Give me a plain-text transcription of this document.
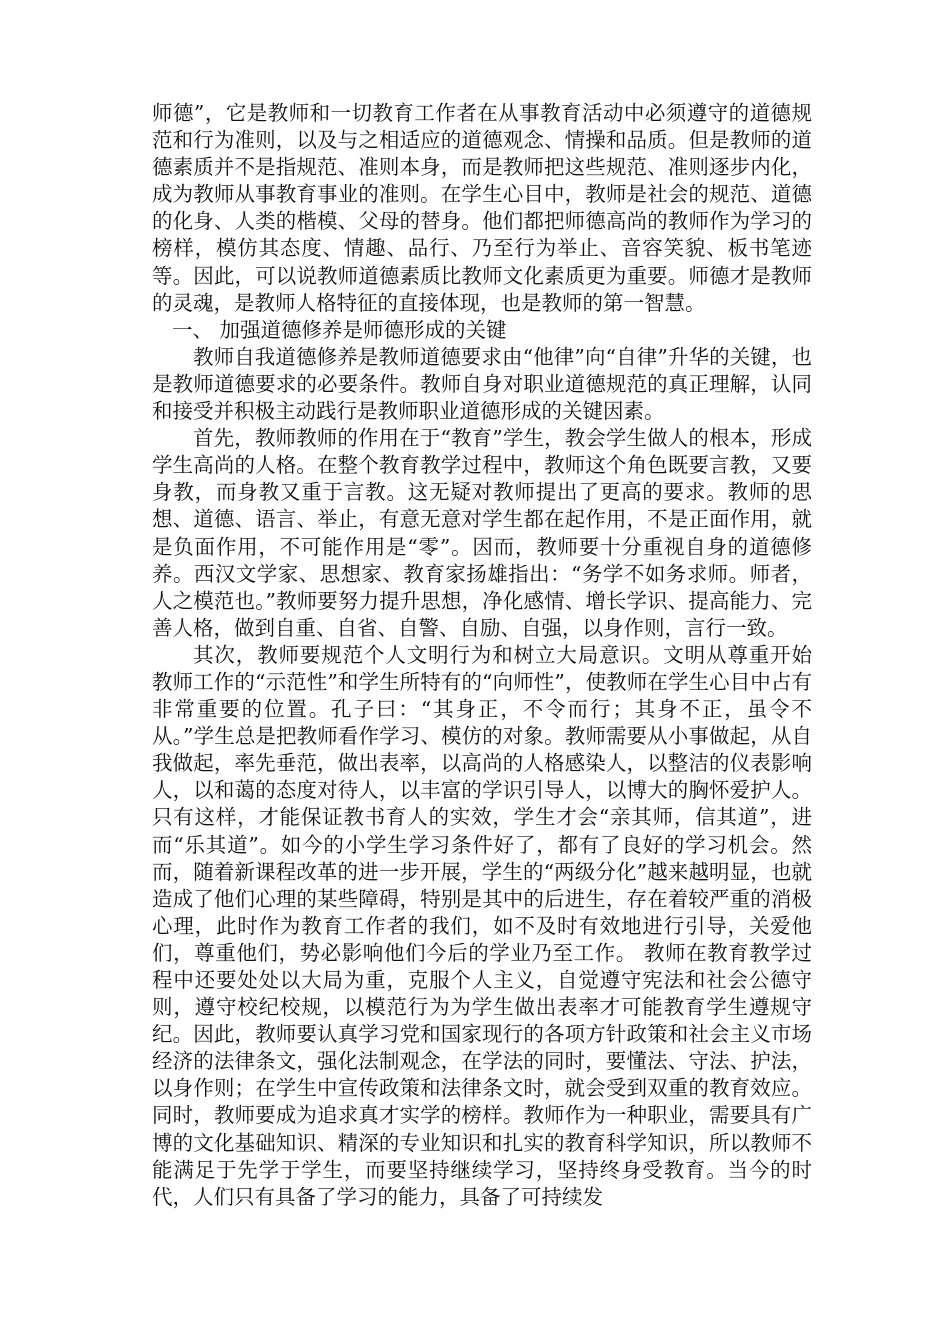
师德”，它是教师和一切教育工作者在从事教育活动中必须遵守的道德规范和行为准则，以及与之相适应的道德观念、情操和品质。但是教师的道德素质并不是指规范、准则本身，而是教师把这些规范、准则逐步内化，成为教师从事教育事业的准则。在学生心目中，教师是社会的规范、道德的化身、人类的楷模、父母的替身。他们都把师德高尚的教师作为学习的榜样，模仿其态度、情趣、品行、乃至行为举止、音容笑貌、板书笔迹等。因此，可以说教师道德素质比教师文化素质更为重要。师德才是教师的灵魂，是教师人格特征的直接体现，也是教师的第一智慧。

一、 加强道德修养是师德形成的关键

教师自我道德修养是教师道德要求由“他律”向“自律”升华的关键，也是教师道德要求的必要条件。教师自身对职业道德规范的真正理解，认同和接受并积极主动践行是教师职业道德形成的关键因素。

首先，教师教师的作用在于“教育”学生，教会学生做人的根本，形成学生高尚的人格。在整个教育教学过程中，教师这个角色既要言教，又要身教，而身教又重于言教。这无疑对教师提出了更高的要求。教师的思想、道德、语言、举止，有意无意对学生都在起作用，不是正面作用，就是负面作用，不可能作用是“零”。因而，教师要十分重视自身的道德修养。西汉文学家、思想家、教育家扬雄指出：“务学不如务求师。师者，人之模范也。”教师要努力提升思想，净化感情、增长学识、提高能力、完善人格，做到自重、自省、自警、自励、自强，以身作则，言行一致。

其次，教师要规范个人文明行为和树立大局意识。文明从尊重开始 教师工作的“示范性”和学生所特有的“向师性”，使教师在学生心目中占有非常重要的位置。孔子曰：“其身正，不令而行；其身不正，虽令不从。”学生总是把教师看作学习、模仿的对象。教师需要从小事做起，从自我做起，率先垂范，做出表率，以高尚的人格感染人，以整洁的仪表影响人，以和蔼的态度对待人，以丰富的学识引导人，以博大的胸怀爱护人。只有这样，才能保证教书育人的实效，学生才会“亲其师，信其道”，进而“乐其道”。如今的小学生学习条件好了，都有了良好的学习机会。然而，随着新课程改革的进一步开展，学生的“两级分化”越来越明显，也就造成了他们心理的某些障碍，特别是其中的后进生，存在着较严重的消极心理，此时作为教育工作者的我们，如不及时有效地进行引导，关爱他们，尊重他们，势必影响他们今后的学业乃至工作。 教师在教育教学过程中还要处处以大局为重，克服个人主义，自觉遵守宪法和社会公德守则，遵守校纪校规，以模范行为为学生做出表率才可能教育学生遵规守纪。因此，教师要认真学习党和国家现行的各项方针政策和社会主义市场经济的法律条文，强化法制观念，在学法的同时，要懂法、守法、护法，以身作则；在学生中宣传政策和法律条文时，就会受到双重的教育效应。同时，教师要成为追求真才实学的榜样。教师作为一种职业，需要具有广博的文化基础知识、精深的专业知识和扎实的教育科学知识，所以教师不能满足于先学于学生，而要坚持继续学习，坚持终身受教育。当今的时代，人们只有具备了学习的能力，具备了可持续发
